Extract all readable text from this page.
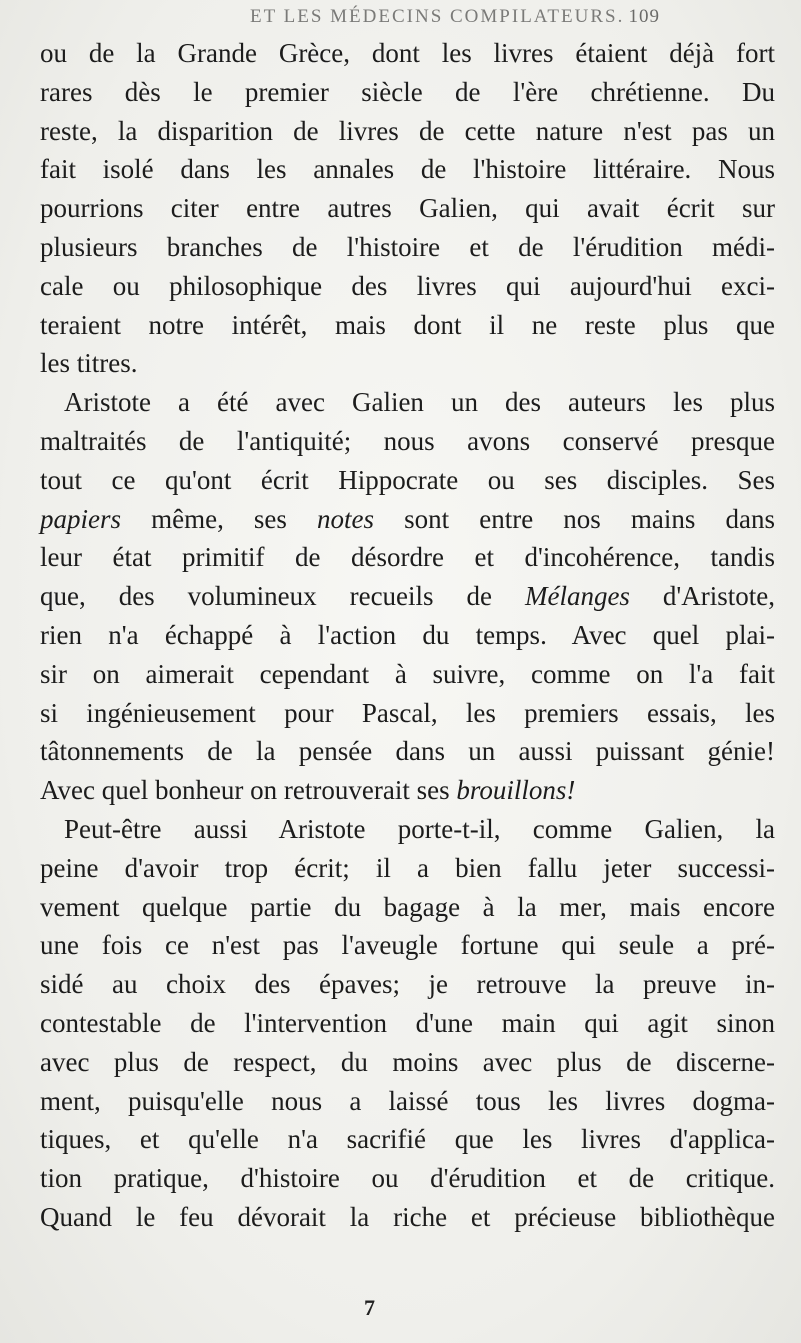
ET LES MÉDECINS COMPILATEURS. 109
ou de la Grande Grèce, dont les livres étaient déjà fort
rares dès le premier siècle de l'ère chrétienne. Du
reste, la disparition de livres de cette nature n'est pas un
fait isolé dans les annales de l'histoire littéraire. Nous
pourrions citer entre autres Galien, qui avait écrit sur
plusieurs branches de l'histoire et de l'érudition médi-
cale ou philosophique des livres qui aujourd'hui exci-
teraient notre intérêt, mais dont il ne reste plus que
les titres.
Aristote a été avec Galien un des auteurs les plus
maltraités de l'antiquité; nous avons conservé presque
tout ce qu'ont écrit Hippocrate ou ses disciples. Ses
papiers même, ses notes sont entre nos mains dans
leur état primitif de désordre et d'incohérence, tandis
que, des volumineux recueils de Mélanges d'Aristote,
rien n'a échappé à l'action du temps. Avec quel plai-
sir on aimerait cependant à suivre, comme on l'a fait
si ingénieusement pour Pascal, les premiers essais, les
tâtonnements de la pensée dans un aussi puissant génie!
Avec quel bonheur on retrouverait ses brouillons!
Peut-être aussi Aristote porte-t-il, comme Galien, la
peine d'avoir trop écrit; il a bien fallu jeter successi-
vement quelque partie du bagage à la mer, mais encore
une fois ce n'est pas l'aveugle fortune qui seule a pré-
sidé au choix des épaves; je retrouve la preuve in-
contestable de l'intervention d'une main qui agit sinon
avec plus de respect, du moins avec plus de discerne-
ment, puisqu'elle nous a laissé tous les livres dogma-
tiques, et qu'elle n'a sacrifié que les livres d'applica-
tion pratique, d'histoire ou d'érudition et de critique.
Quand le feu dévorait la riche et précieuse bibliothèque
7
